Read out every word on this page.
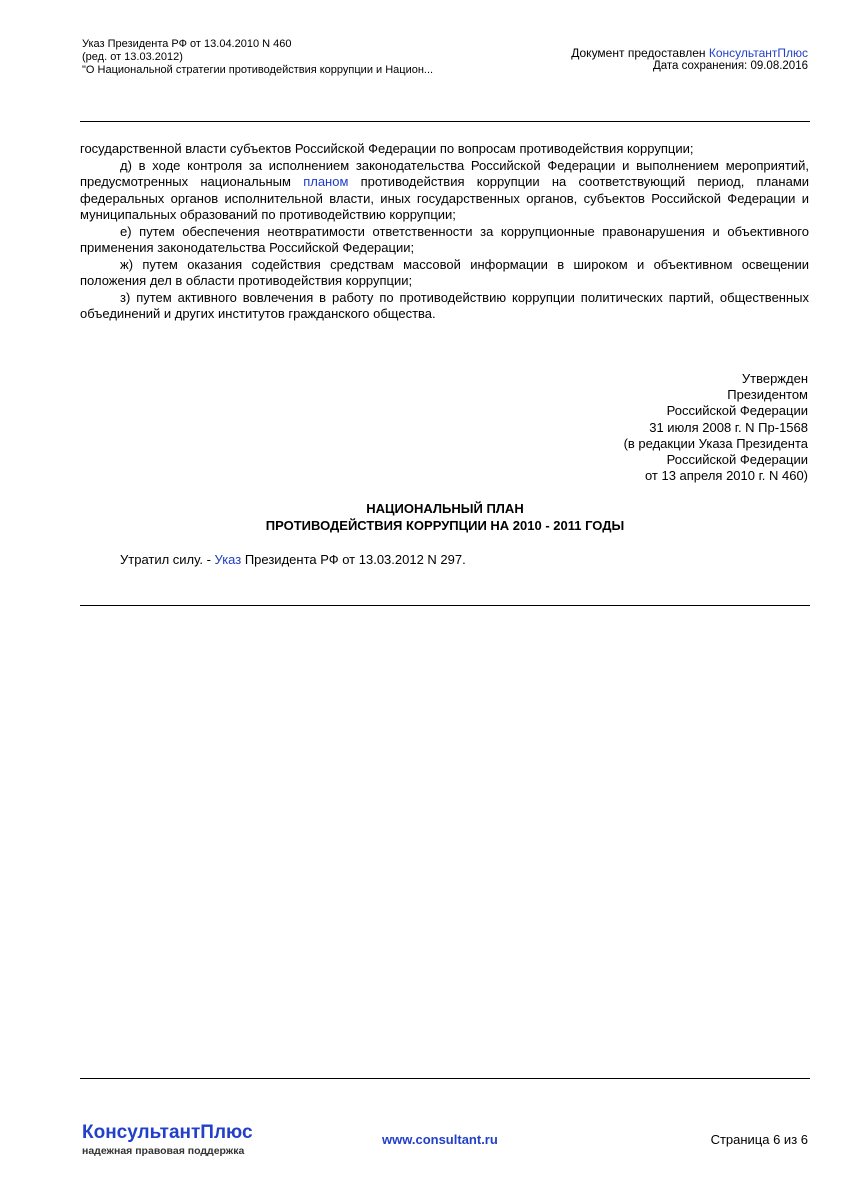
Указ Президента РФ от 13.04.2010 N 460
(ред. от 13.03.2012)
"О Национальной стратегии противодействия коррупции и Национ...
Документ предоставлен КонсультантПлюс
Дата сохранения: 09.08.2016

государственной власти субъектов Российской Федерации по вопросам противодействия коррупции;

д) в ходе контроля за исполнением законодательства Российской Федерации и выполнением мероприятий, предусмотренных национальным планом противодействия коррупции на соответствующий период, планами федеральных органов исполнительной власти, иных государственных органов, субъектов Российской Федерации и муниципальных образований по противодействию коррупции;

е) путем обеспечения неотвратимости ответственности за коррупционные правонарушения и объективного применения законодательства Российской Федерации;

ж) путем оказания содействия средствам массовой информации в широком и объективном освещении положения дел в области противодействия коррупции;

з) путем активного вовлечения в работу по противодействию коррупции политических партий, общественных объединений и других институтов гражданского общества.

Утвержден
Президентом
Российской Федерации
31 июля 2008 г. N Пр-1568
(в редакции Указа Президента
Российской Федерации
от 13 апреля 2010 г. N 460)
НАЦИОНАЛЬНЫЙ ПЛАН
ПРОТИВОДЕЙСТВИЯ КОРРУПЦИИ НА 2010 - 2011 ГОДЫ
Утратил силу. - Указ Президента РФ от 13.03.2012 N 297.
КонсультантПлюс
надежная правовая поддержка
www.consultant.ru	Страница 6 из 6
